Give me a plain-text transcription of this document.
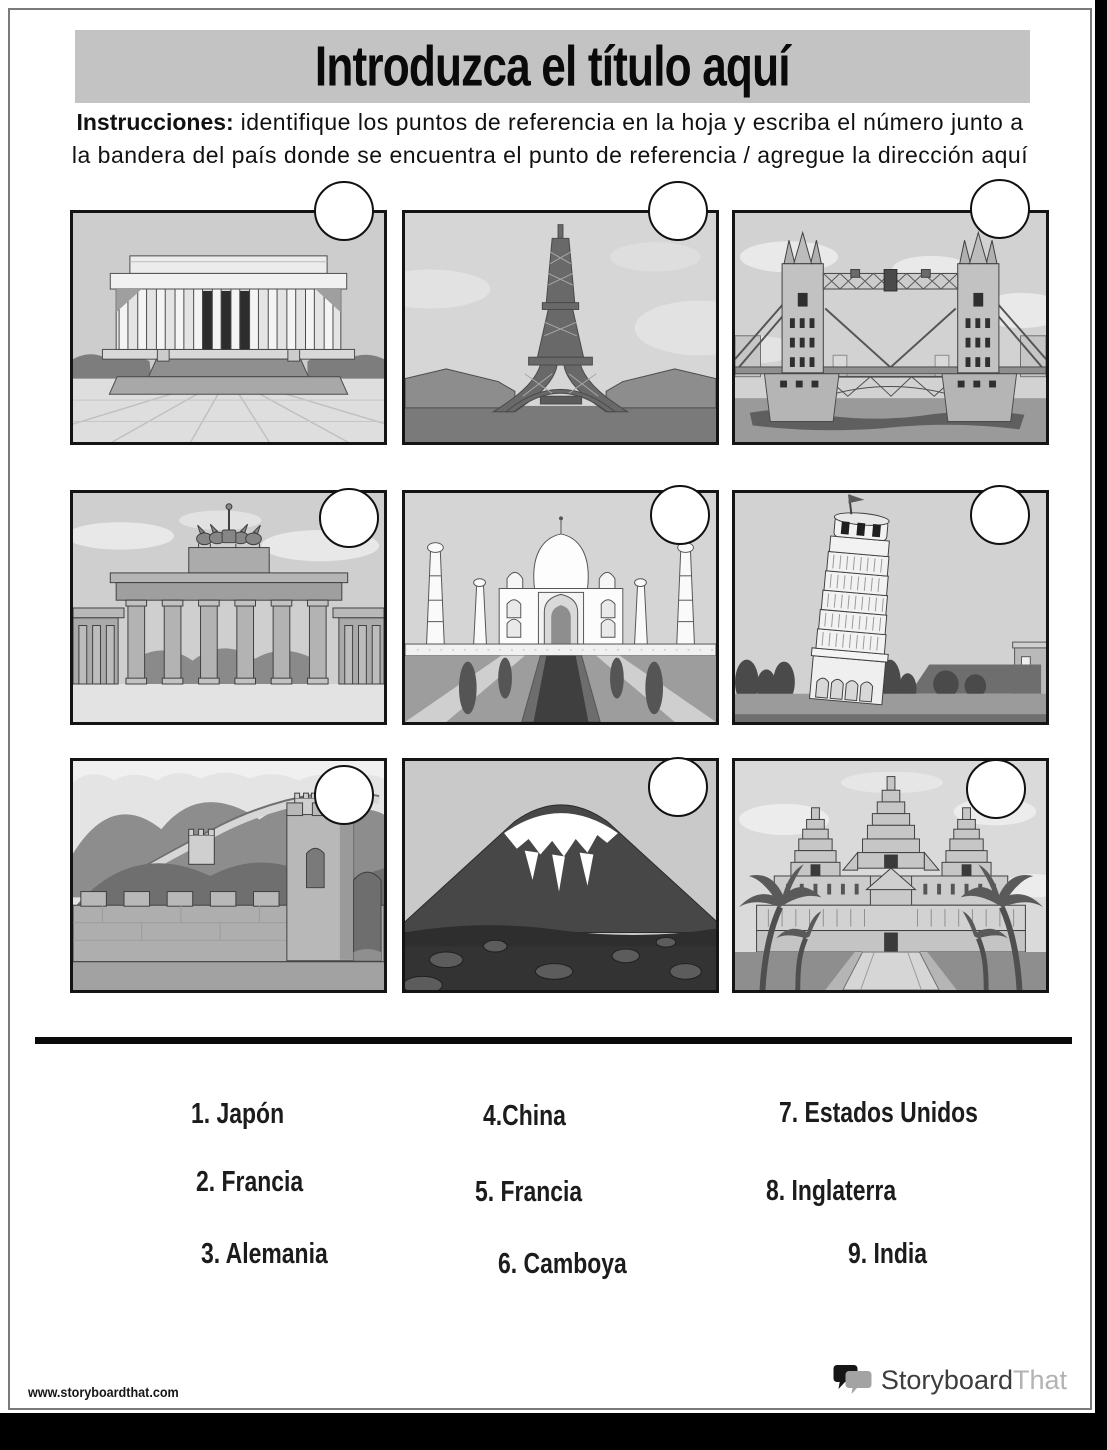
Introduzca el título aquí
Instrucciones: identifique los puntos de referencia en la hoja y escriba el número junto a la bandera del país donde se encuentra el punto de referencia / agregue la dirección aquí
1. Japón
2. Francia
3. Alemania
4.China
5. Francia
6. Camboya
7. Estados Unidos
8. Inglaterra
9. India
www.storyboardthat.com	StoryboardThat
